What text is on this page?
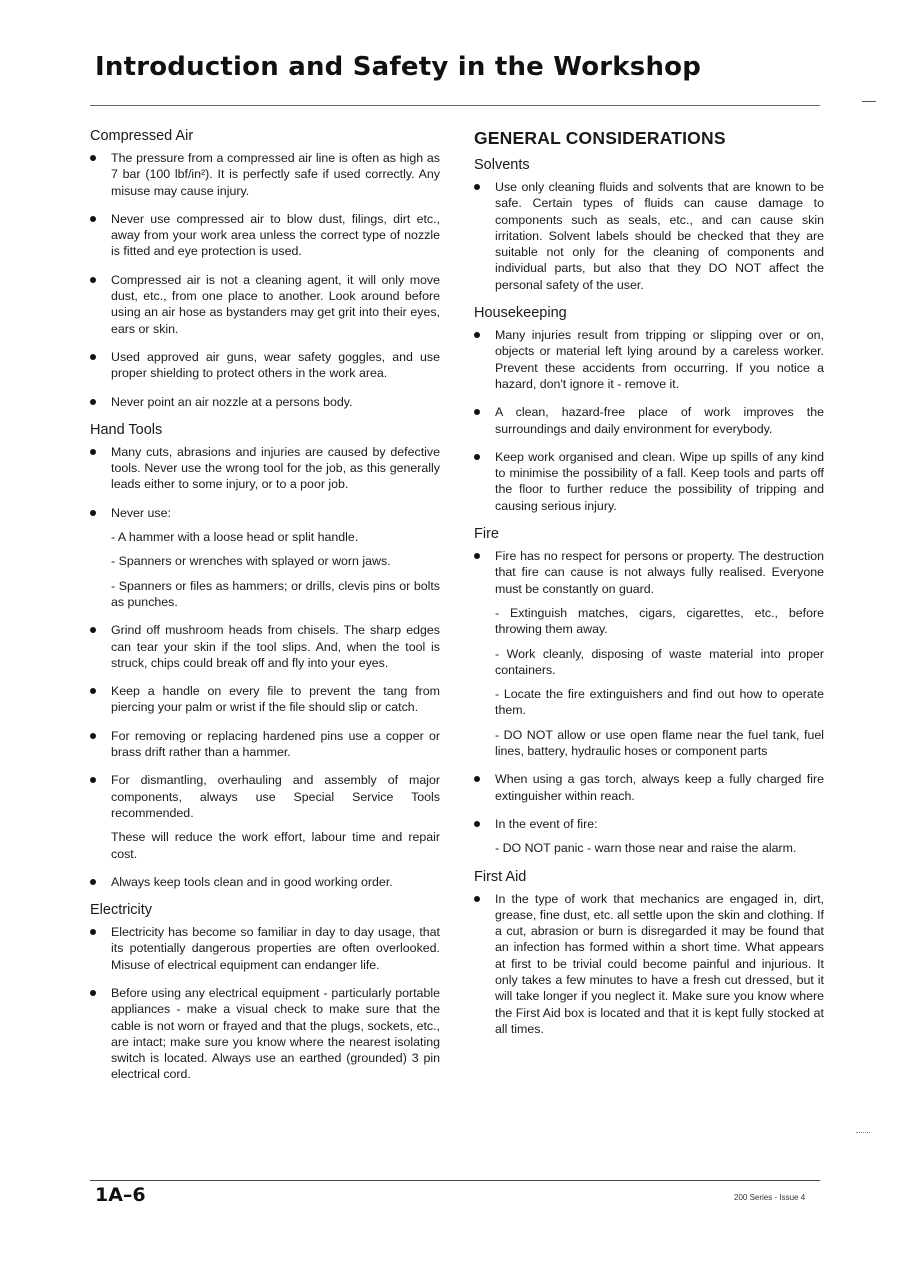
Introduction and Safety in the Workshop
Compressed Air
The pressure from a compressed air line is often as high as 7 bar (100 lbf/in²). It is perfectly safe if used correctly. Any misuse may cause injury.
Never use compressed air to blow dust, filings, dirt etc., away from your work area unless the correct type of nozzle is fitted and eye protection is used.
Compressed air is not a cleaning agent, it will only move dust, etc., from one place to another. Look around before using an air hose as bystanders may get grit into their eyes, ears or skin.
Used approved air guns, wear safety goggles, and use proper shielding to protect others in the work area.
Never point an air nozzle at a persons body.
Hand Tools
Many cuts, abrasions and injuries are caused by defective tools. Never use the wrong tool for the job, as this generally leads either to some injury, or to a poor job.
Never use:

- A hammer with a loose head or split handle.

- Spanners or wrenches with splayed or worn jaws.

- Spanners or files as hammers; or drills, clevis pins or bolts as punches.

Grind off mushroom heads from chisels. The sharp edges can tear your skin if the tool slips. And, when the tool is struck, chips could break off and fly into your eyes.
Keep a handle on every file to prevent the tang from piercing your palm or wrist if the file should slip or catch.
For removing or replacing hardened pins use a copper or brass drift rather than a hammer.
For dismantling, overhauling and assembly of major components, always use Special Service Tools recommended.

These will reduce the work effort, labour time and repair cost.

Always keep tools clean and in good working order.
Electricity
Electricity has become so familiar in day to day usage, that its potentially dangerous properties are often overlooked. Misuse of electrical equipment can endanger life.
Before using any electrical equipment - particularly portable appliances - make a visual check to make sure that the cable is not worn or frayed and that the plugs, sockets, etc., are intact; make sure you know where the nearest isolating switch is located. Always use an earthed (grounded) 3 pin electrical cord.
GENERAL CONSIDERATIONS
Solvents
Use only cleaning fluids and solvents that are known to be safe. Certain types of fluids can cause damage to components such as seals, etc., and can cause skin irritation. Solvent labels should be checked that they are suitable not only for the cleaning of components and individual parts, but also that they DO NOT affect the personal safety of the user.
Housekeeping
Many injuries result from tripping or slipping over or on, objects or material left lying around by a careless worker. Prevent these accidents from occurring. If you notice a hazard, don't ignore it - remove it.
A clean, hazard-free place of work improves the surroundings and daily environment for everybody.
Keep work organised and clean. Wipe up spills of any kind to minimise the possibility of a fall. Keep tools and parts off the floor to further reduce the possibility of tripping and causing serious injury.
Fire
Fire has no respect for persons or property. The destruction that fire can cause is not always fully realised. Everyone must be constantly on guard.

- Extinguish matches, cigars, cigarettes, etc., before throwing them away.

- Work cleanly, disposing of waste material into proper containers.

- Locate the fire extinguishers and find out how to operate them.

- DO NOT allow or use open flame near the fuel tank, fuel lines, battery, hydraulic hoses or component parts

When using a gas torch, always keep a fully charged fire extinguisher within reach.
In the event of fire:

- DO NOT panic - warn those near and raise the alarm.

First Aid
In the type of work that mechanics are engaged in, dirt, grease, fine dust, etc. all settle upon the skin and clothing. If a cut, abrasion or burn is disregarded it may be found that an infection has formed within a short time. What appears at first to be trivial could become painful and injurious. It only takes a few minutes to have a fresh cut dressed, but it will take longer if you neglect it. Make sure you know where the First Aid box is located and that it is kept fully stocked at all times.
1A–6	200 Series - Issue 4
